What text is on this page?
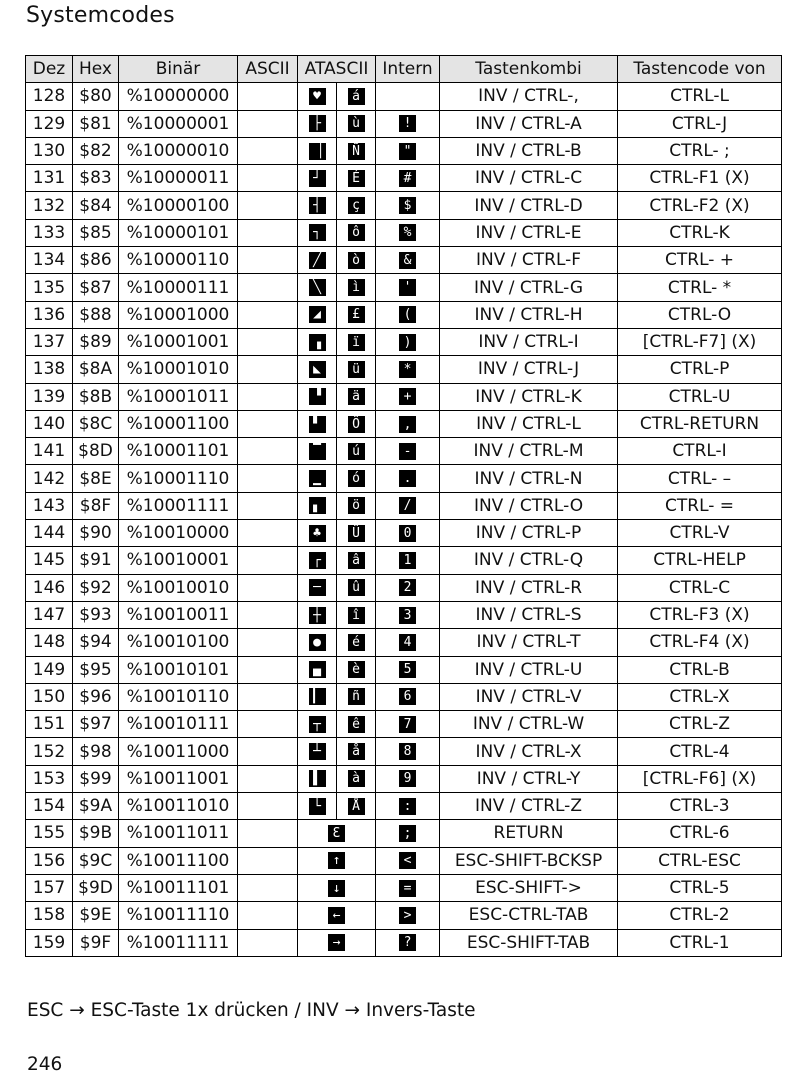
Systemcodes
Dez	Hex	Binär	ASCII	ATASCII		Intern	Tastenkombi	Tastencode von
128	$80	%10000000		♥	á		INV / CTRL-,	CTRL-L
129	$81	%10000001		├	ù	!	INV / CTRL-A	CTRL-J
130	$82	%10000010		▕	Ñ	"	INV / CTRL-B	CTRL- ;
131	$83	%10000011		┘	É	#	INV / CTRL-C	CTRL-F1 (X)
132	$84	%10000100		┤	ç	$	INV / CTRL-D	CTRL-F2 (X)
133	$85	%10000101		┐	ô	%	INV / CTRL-E	CTRL-K
134	$86	%10000110		╱	ò	&	INV / CTRL-F	CTRL- +
135	$87	%10000111		╲	ì	'	INV / CTRL-G	CTRL- *
136	$88	%10001000		◢	£	(	INV / CTRL-H	CTRL-O
137	$89	%10001001		▗	ï	)	INV / CTRL-I	[CTRL-F7] (X)
138	$8A	%10001010		◣	ü	*	INV / CTRL-J	CTRL-P
139	$8B	%10001011		▝	ä	+	INV / CTRL-K	CTRL-U
140	$8C	%10001100		▘	Ö	,	INV / CTRL-L	CTRL-RETURN
141	$8D	%10001101		▔	ú	-	INV / CTRL-M	CTRL-I
142	$8E	%10001110		▁	ó	.	INV / CTRL-N	CTRL- –
143	$8F	%10001111		▖	ö	/	INV / CTRL-O	CTRL- =
144	$90	%10010000		♣	Ü	0	INV / CTRL-P	CTRL-V
145	$91	%10010001		┌	â	1	INV / CTRL-Q	CTRL-HELP
146	$92	%10010010		─	û	2	INV / CTRL-R	CTRL-C
147	$93	%10010011		┼	î	3	INV / CTRL-S	CTRL-F3 (X)
148	$94	%10010100		●	é	4	INV / CTRL-T	CTRL-F4 (X)
149	$95	%10010101		▄	è	5	INV / CTRL-U	CTRL-B
150	$96	%10010110		▎	ñ	6	INV / CTRL-V	CTRL-X
151	$97	%10010111		┬	ê	7	INV / CTRL-W	CTRL-Z
152	$98	%10011000		┴	å	8	INV / CTRL-X	CTRL-4
153	$99	%10011001		▌	à	9	INV / CTRL-Y	[CTRL-F6] (X)
154	$9A	%10011010		└	Å	:	INV / CTRL-Z	CTRL-3
155	$9B	%10011011		Ɛ		;	RETURN	CTRL-6
156	$9C	%10011100		↑		<	ESC-SHIFT-BCKSP	CTRL-ESC
157	$9D	%10011101		↓		=	ESC-SHIFT->	CTRL-5
158	$9E	%10011110		←		>	ESC-CTRL-TAB	CTRL-2
159	$9F	%10011111		→		?	ESC-SHIFT-TAB	CTRL-1
ESC → ESC-Taste 1x drücken / INV → Invers-Taste
246
